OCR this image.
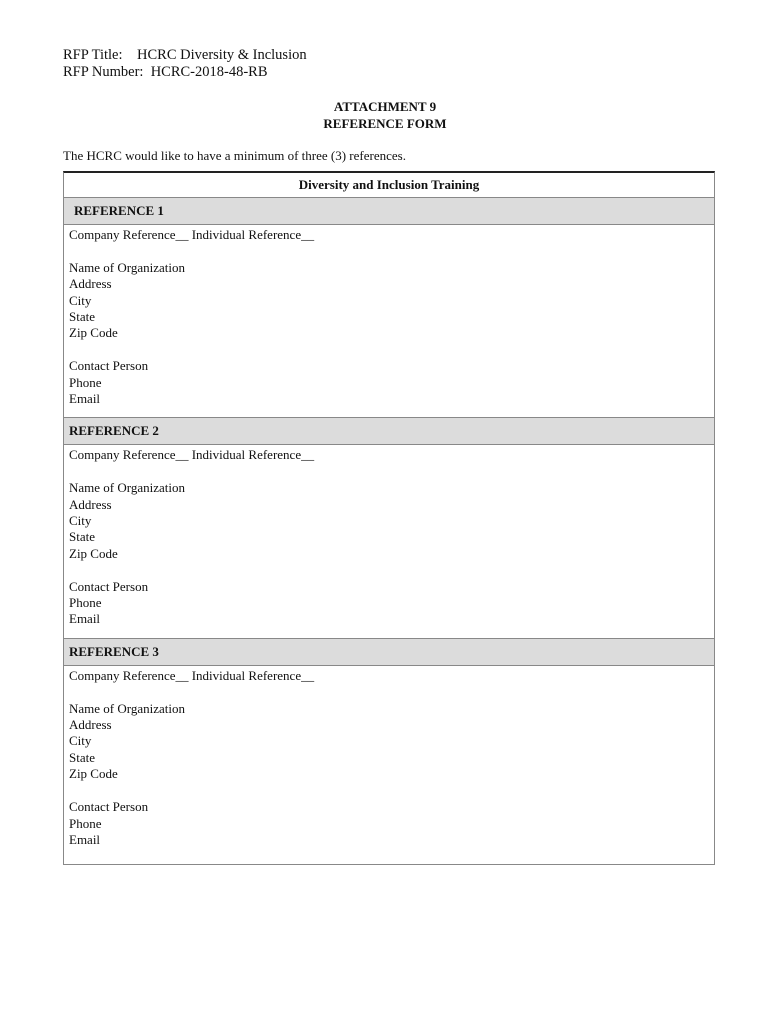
RFP Title: HCRC Diversity & Inclusion
RFP Number: HCRC-2018-48-RB
ATTACHMENT 9
REFERENCE FORM
The HCRC would like to have a minimum of three (3) references.
Diversity and Inclusion Training
REFERENCE 1
Company Reference__ Individual Reference__
Name of Organization
Address
City
State
Zip Code
Contact Person
Phone
Email
REFERENCE 2
Company Reference__ Individual Reference__
Name of Organization
Address
City
State
Zip Code
Contact Person
Phone
Email
REFERENCE 3
Company Reference__ Individual Reference__
Name of Organization
Address
City
State
Zip Code
Contact Person
Phone
Email
